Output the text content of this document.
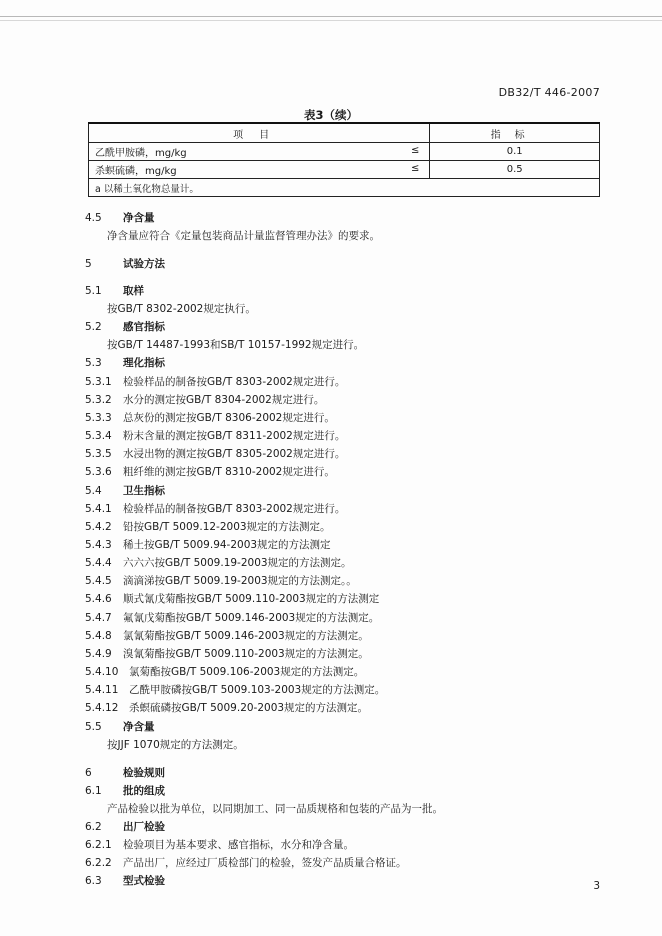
DB32/T 446-2007
表3（续）
项目	指标
乙酰甲胺磷，mg/kg ≤	0.1
杀螟硫磷，mg/kg ≤	0.5
a 以稀土氧化物总量计。	
4.5 净含量
净含量应符合《定量包装商品计量监督管理办法》的要求。
5	试验方法
5.1 取样
按GB/T 8302-2002规定执行。
5.2 感官指标
按GB/T 14487-1993和SB/T 10157-1992规定进行。
5.3 理化指标
5.3.1 检验样品的制备按GB/T 8303-2002规定进行。
5.3.2 水分的测定按GB/T 8304-2002规定进行。
5.3.3 总灰份的测定按GB/T 8306-2002规定进行。
5.3.4 粉末含量的测定按GB/T 8311-2002规定进行。
5.3.5 水浸出物的测定按GB/T 8305-2002规定进行。
5.3.6 粗纤维的测定按GB/T 8310-2002规定进行。
5.4 卫生指标
5.4.1 检验样品的制备按GB/T 8303-2002规定进行。
5.4.2 铅按GB/T 5009.12-2003规定的方法测定。
5.4.3 稀土按GB/T 5009.94-2003规定的方法测定
5.4.4 六六六按GB/T 5009.19-2003规定的方法测定。
5.4.5 滴滴涕按GB/T 5009.19-2003规定的方法测定。。
5.4.6 顺式氰戊菊酯按GB/T 5009.110-2003规定的方法测定
5.4.7 氟氰戊菊酯按GB/T 5009.146-2003规定的方法测定。
5.4.8 氯氰菊酯按GB/T 5009.146-2003规定的方法测定。
5.4.9 溴氰菊酯按GB/T 5009.110-2003规定的方法测定。
5.4.10 氯菊酯按GB/T 5009.106-2003规定的方法测定。
5.4.11 乙酰甲胺磷按GB/T 5009.103-2003规定的方法测定。
5.4.12 杀螟硫磷按GB/T 5009.20-2003规定的方法测定。
5.5 净含量
按JJF 1070规定的方法测定。
6	检验规则
6.1 批的组成
产品检验以批为单位，以同期加工、同一品质规格和包装的产品为一批。
6.2 出厂检验
6.2.1 检验项目为基本要求、感官指标，水分和净含量。
6.2.2 产品出厂，应经过厂质检部门的检验，签发产品质量合格证。
6.3 型式检验	3
